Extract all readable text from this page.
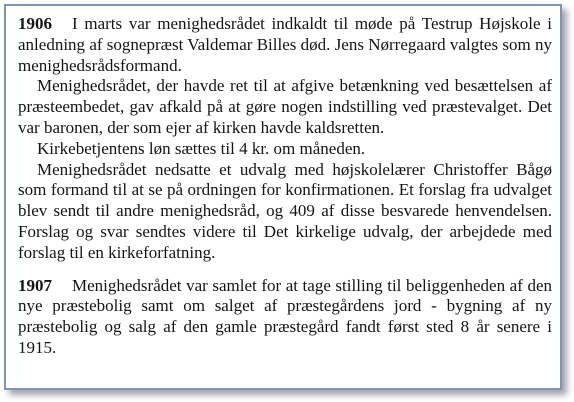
1906 I marts var menighedsrådet indkaldt til møde på Testrup Højskole i anledning af sognepræst Valdemar Billes død. Jens Nørregaard valgtes som ny menighedsrådsformand.

Menighedsrådet, der havde ret til at afgive betænkning ved besættelsen af præsteembedet, gav afkald på at gøre nogen indstilling ved præstevalget. Det var baronen, der som ejer af kirken havde kaldsretten.

Kirkebetjentens løn sættes til 4 kr. om måneden.

Menighedsrådet nedsatte et udvalg med højskolelærer Christoffer Bågø som formand til at se på ordningen for konfirmationen. Et forslag fra udvalget blev sendt til andre menighedsråd, og 409 af disse besvarede henvendelsen. Forslag og svar sendtes videre til Det kirkelige udvalg, der arbejdede med forslag til en kirkeforfatning.

1907 Menighedsrådet var samlet for at tage stilling til beliggenheden af den nye præstebolig samt om salget af præstegårdens jord - bygning af ny præstebolig og salg af den gamle præstegård fandt først sted 8 år senere i 1915.
